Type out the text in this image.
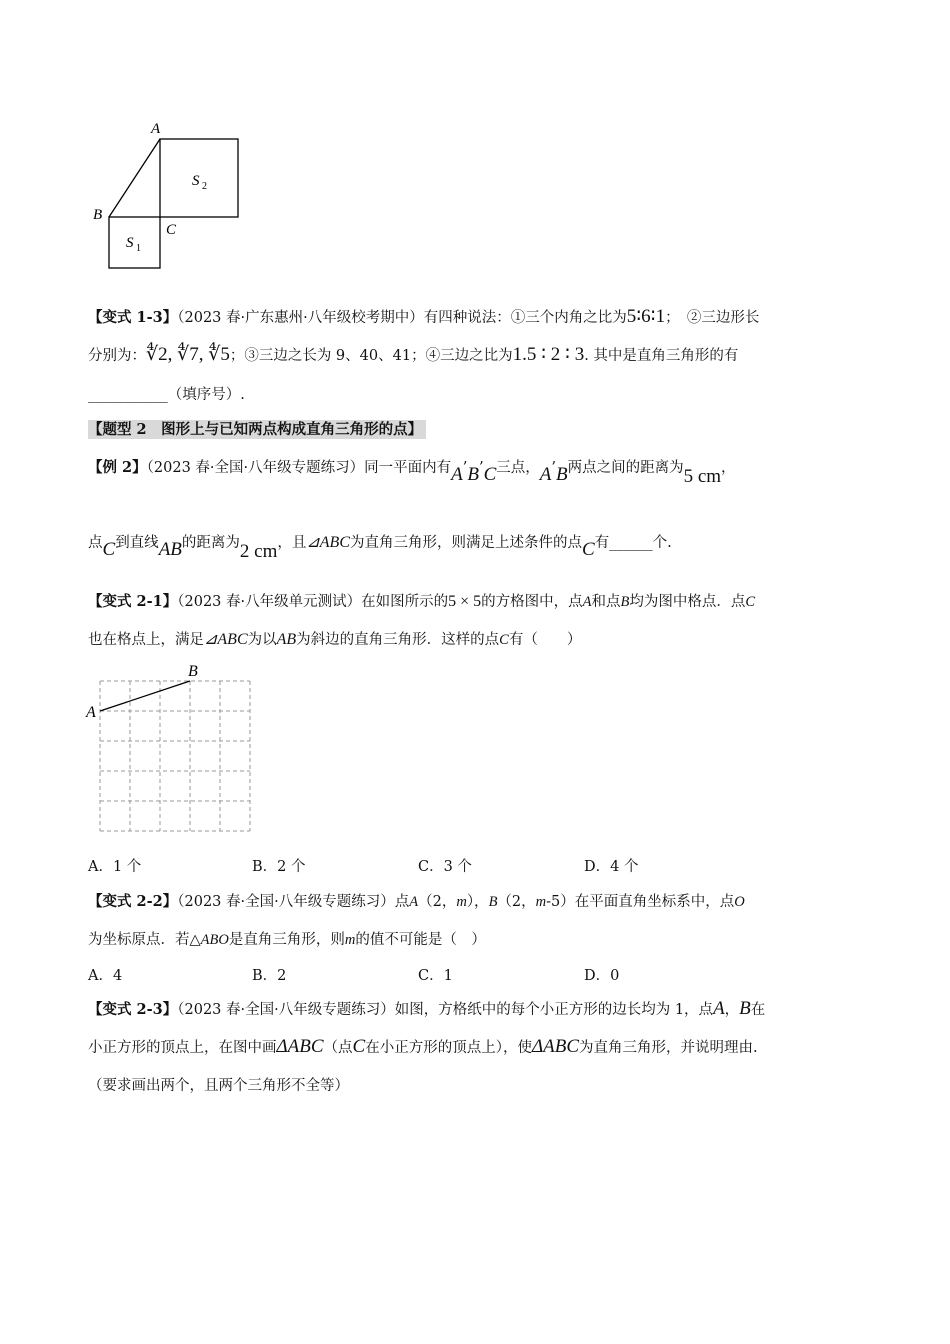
A
B
C
S 2
S 1
【变式 1-3】（2023 春·广东惠州·八年级校考期中）有四种说法：①三个内角之比为5∶6∶1；　②三边形长
分别为：∜2, ∜7, ∜5；③三边之长为 9、40、41；④三边之比为1.5 ∶ 2 ∶ 3. 其中是直角三角形的有
___________（填序号）.
【题型 2　图形上与已知两点构成直角三角形的点】
【例 2】（2023 春·全国·八年级专题练习）同一平面内有A’B’C三点，A’B两点之间的距离为5 cm，
点C到直线AB的距离为2 cm，且⊿ABC为直角三角形，则满足上述条件的点C有______个.
【变式 2-1】（2023 春·八年级单元测试）在如图所示的5 × 5的方格图中，点A和点B均为图中格点．点C
也在格点上，满足⊿ABC为以AB为斜边的直角三角形．这样的点C有（　　）
A
B
A．1 个	B．2 个	C．3 个	D．4 个
【变式 2-2】（2023 春·全国·八年级专题练习）点A（2，m），B（2，m-5）在平面直角坐标系中，点O
为坐标原点．若△ABO是直角三角形，则m的值不可能是（　）
A．4	B．2	C．1	D．0
【变式 2-3】（2023 春·全国·八年级专题练习）如图，方格纸中的每个小正方形的边长均为 1，点A，B在
小正方形的顶点上，在图中画ΔABC（点C在小正方形的顶点上），使ΔABC为直角三角形，并说明理由.
（要求画出两个，且两个三角形不全等）
